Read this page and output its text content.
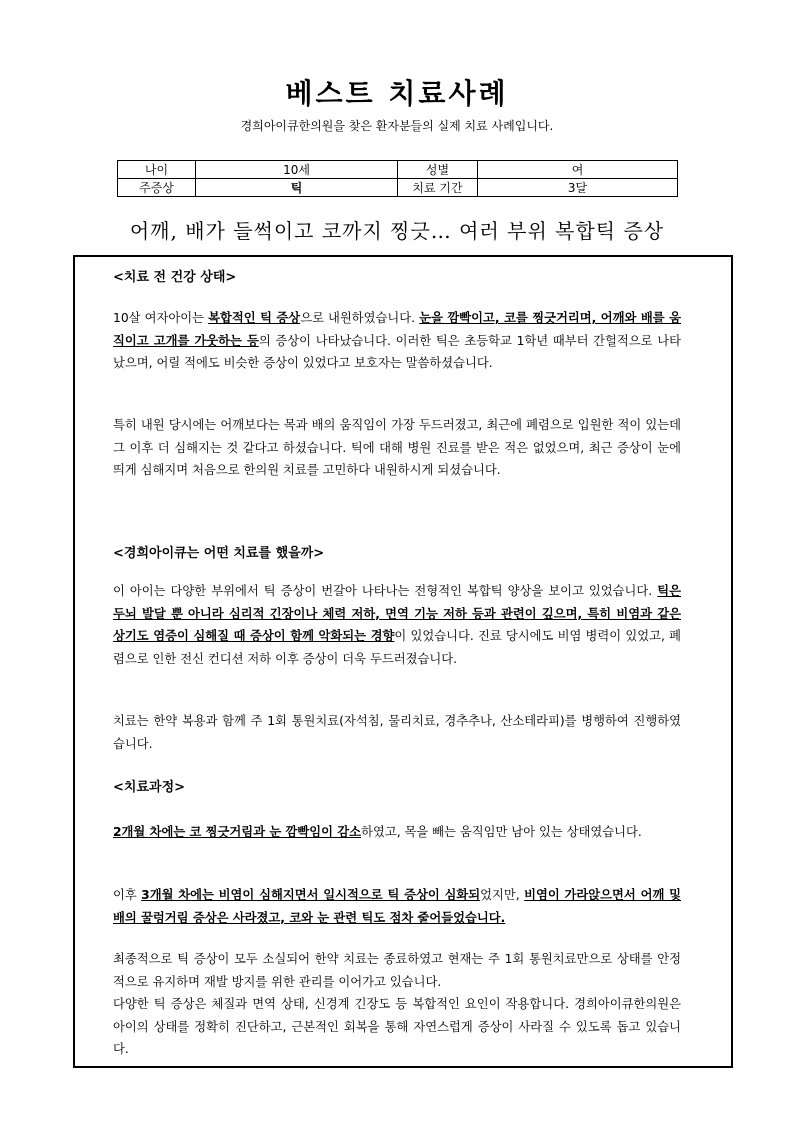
베스트 치료사례
경희아이큐한의원을 찾은 환자분들의 실제 치료 사례입니다.
나이	10세	성별	여
주증상	틱	치료 기간	3달
어깨, 배가 들썩이고 코까지 찡긋… 여러 부위 복합틱 증상
<치료 전 건강 상태>
10살 여자아이는 복합적인 틱 증상으로 내원하였습니다. 눈을 깜빡이고, 코를 찡긋거리며, 어깨와 배를 움직이고 고개를 가웃하는 등의 증상이 나타났습니다. 이러한 틱은 초등학교 1학년 때부터 간헐적으로 나타났으며, 어릴 적에도 비슷한 증상이 있었다고 보호자는 말씀하셨습니다.
특히 내원 당시에는 어깨보다는 목과 배의 움직임이 가장 두드러졌고, 최근에 폐렴으로 입원한 적이 있는데 그 이후 더 심해지는 것 같다고 하셨습니다. 틱에 대해 병원 진료를 받은 적은 없었으며, 최근 증상이 눈에 띄게 심해지며 처음으로 한의원 치료를 고민하다 내원하시게 되셨습니다.
<경희아이큐는 어떤 치료를 했을까>
이 아이는 다양한 부위에서 틱 증상이 번갈아 나타나는 전형적인 복합틱 양상을 보이고 있었습니다. 틱은 두뇌 발달 뿐 아니라 심리적 긴장이나 체력 저하, 면역 기능 저하 등과 관련이 깊으며, 특히 비염과 같은 상기도 염증이 심해질 때 증상이 함께 악화되는 경향이 있었습니다. 진료 당시에도 비염 병력이 있었고, 폐렴으로 인한 전신 컨디션 저하 이후 증상이 더욱 두드러졌습니다.
치료는 한약 복용과 함께 주 1회 통원치료(자석침, 물리치료, 경추추나, 산소테라피)를 병행하여 진행하였습니다.
<치료과정>
2개월 차에는 코 찡긋거림과 눈 깜빡임이 감소하였고, 목을 빼는 움직임만 남아 있는 상태였습니다.
이후 3개월 차에는 비염이 심해지면서 일시적으로 틱 증상이 심화되었지만, 비염이 가라앉으면서 어깨 및 배의 꿀렁거림 증상은 사라졌고, 코와 눈 관련 틱도 점차 줄어들었습니다.
최종적으로 틱 증상이 모두 소실되어 한약 치료는 종료하였고 현재는 주 1회 통원치료만으로 상태를 안정적으로 유지하며 재발 방지를 위한 관리를 이어가고 있습니다.
다양한 틱 증상은 체질과 면역 상태, 신경계 긴장도 등 복합적인 요인이 작용합니다. 경희아이큐한의원은 아이의 상태를 정확히 진단하고, 근본적인 회복을 통해 자연스럽게 증상이 사라질 수 있도록 돕고 있습니다.
